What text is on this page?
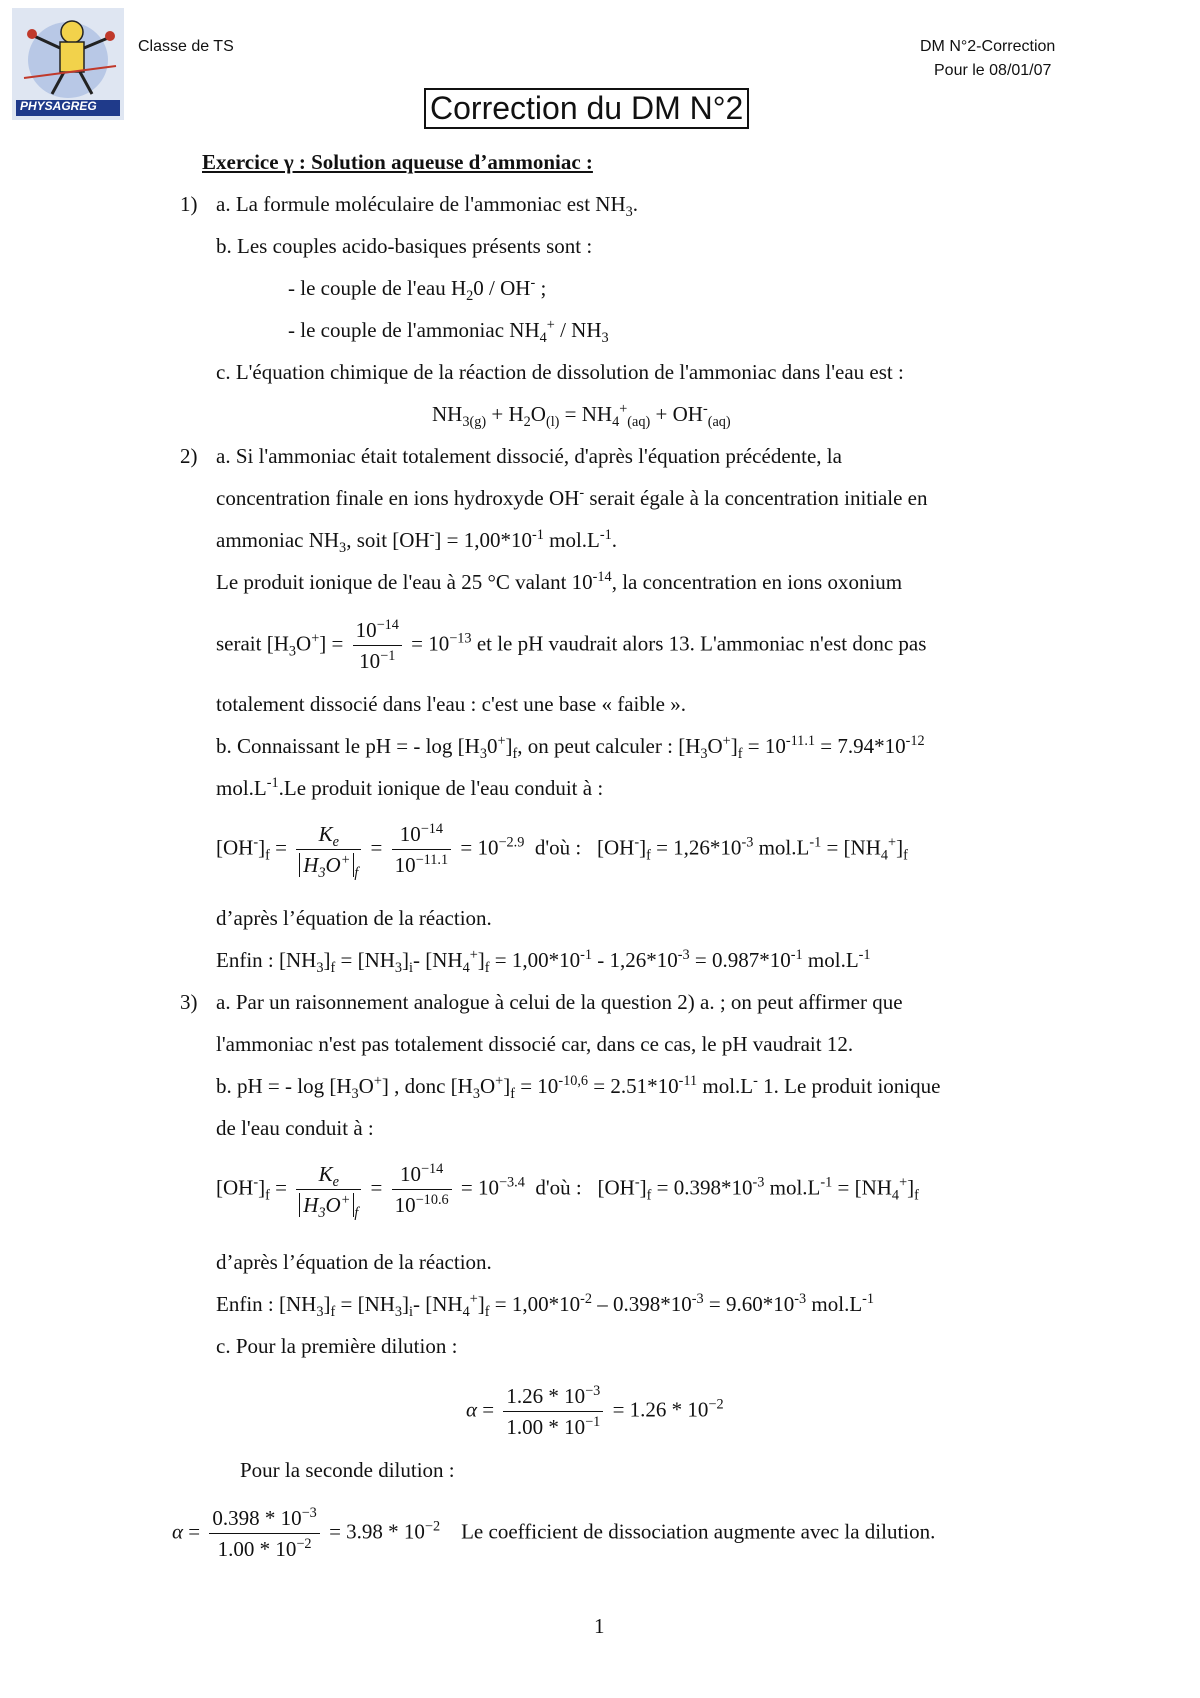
PHYSAGREG
Classe de TS	DM N°2-Correction
Pour le 08/01/07
Correction du DM N°2
Exercice γ : Solution aqueuse d’ammoniac :
1) a. La formule moléculaire de l'ammoniac est $NH_3$.
b. Les couples acido-basiques présents sont :
- le couple de l'eau $H_20 / OH^-$ ;
- le couple de l'ammoniac $NH_4^+ / NH_3$
c. L'équation chimique de la réaction de dissolution de l'ammoniac dans l'eau est :
$NH_{3(g)} + H_2O_{(l)} = NH_4^+_{(aq)} + OH^-_{(aq)}$
2) a. Si l'ammoniac était totalement dissocié, d'après l'équation précédente, la
concentration finale en ions hydroxyde OH- serait égale à la concentration initiale en
ammoniac $NH_3$, soit $[OH^-] = 1,00*10^{-1}$ $mol.L^{-1}$.
Le produit ionique de l'eau à 25 °C valant $10^{-14}$, la concentration en ions oxonium
serait $[H_3O^+] = \frac{10^{-14}}{10^{-1}} = 10^{-13}$ et le pH vaudrait alors 13. L'ammoniac n'est donc pas
totalement dissocié dans l'eau : c'est une base « faible ».
b. Connaissant le pH = - $\log [H_30^+]_f$, on peut calculer : $[H_3O^+]_f = 10^{-11.1} = 7.94*10^{-12}$
$mol.L^{-1}.Le$ produit ionique de l'eau conduit à :
$[OH^-]_f = \frac{K_e}{H_3O^+_f} = \frac{10^{-14}}{10^{-11.1}} = 10^{-2.9}$  d'où :   $[OH^-]_f = 1,26*10^{-3}$ $mol.L^{-1} = [NH_4^+]_f$
d’après l’équation de la réaction.
Enfin : $[NH_3]_f = [NH_3]_i-$ $[NH_4^+]_f = 1,00*10^{-1} - 1,26*10^{-3} = 0.987*10^{-1}$ $mol.L^{-1}$
3) a. Par un raisonnement analogue à celui de la question 2) a. ; on peut affirmer que
l'ammoniac n'est pas totalement dissocié car, dans ce cas, le pH vaudrait 12.
b. pH = - $\log [H_3O^+]$ , donc $[H_3O^+]_f = 10^{-10,6} = 2.51*10^{-11}$ mol.L- 1. Le produit ionique
de l'eau conduit à :
$[OH^-]_f = \frac{K_e}{H_3O^+_f} = \frac{10^{-14}}{10^{-10.6}} = 10^{-3.4}$  d'où :   $[OH^-]_f = 0.398*10^{-3}$ $mol.L^{-1} = [NH_4^+]_f$
d’après l’équation de la réaction.
Enfin : $[NH_3]_f = [NH_3]_i-$ $[NH_4^+]_f = 1,00*10^{-2} - 0.398*10^{-3} = 9.60*10^{-3}$ $mol.L^{-1}$
c. Pour la première dilution :
$\alpha = \frac{1.26 * 10^{-3}}{1.00 * 10^{-1}} = 1.26 * 10^{-2}$
Pour la seconde dilution :
$\alpha = \frac{0.398 * 10^{-3}}{1.00 * 10^{-2}} = 3.98 * 10^{-2}$ Le coefficient de dissociation augmente avec la dilution.
1
